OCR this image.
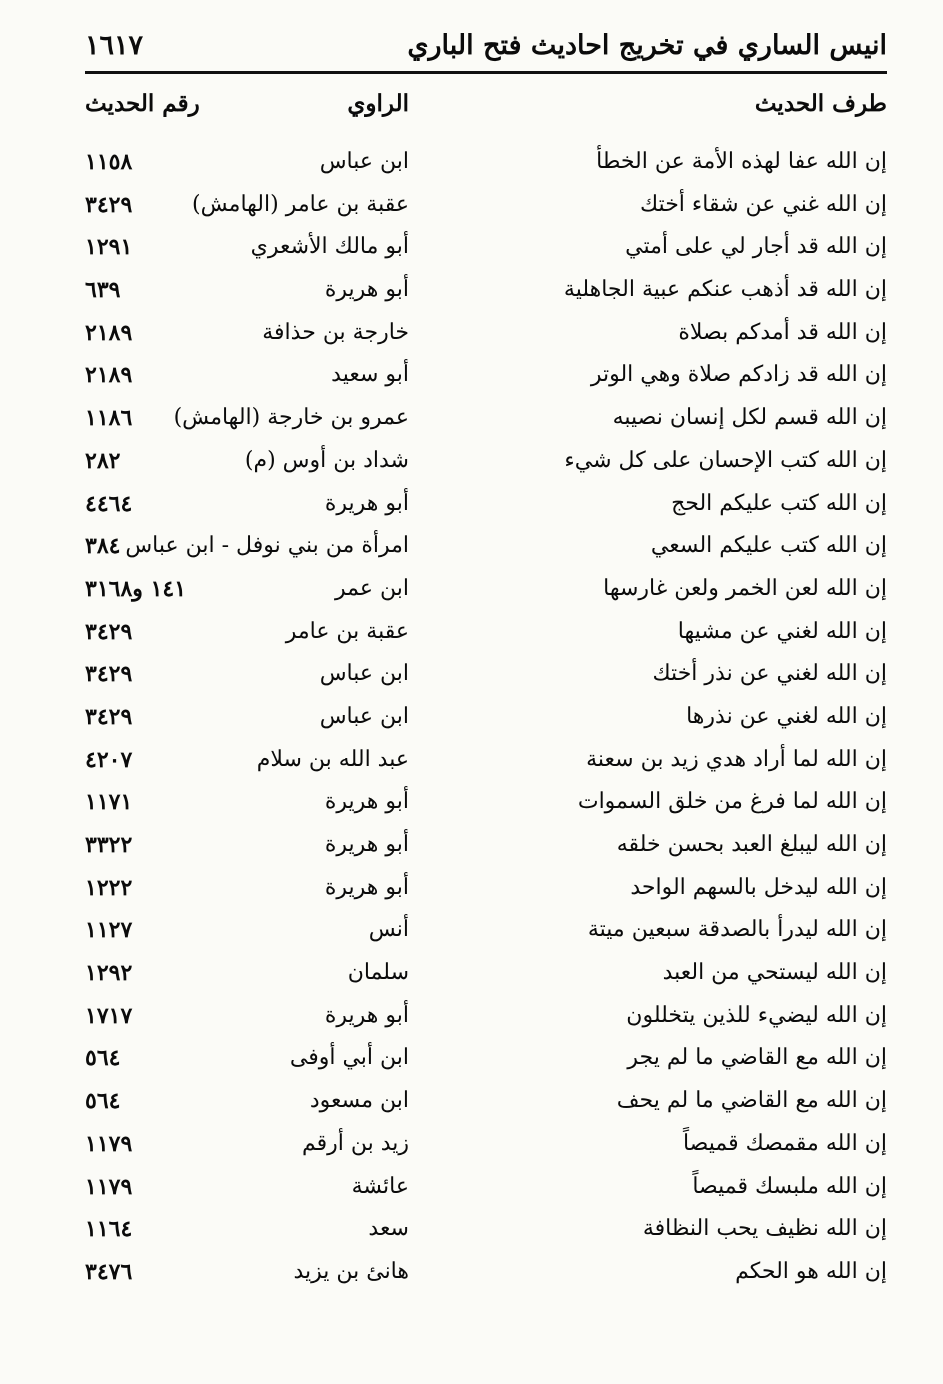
انيس الساري في تخريج احاديث فتح الباري
١٦١٧
طرف الحديث
الراوي
رقم الحديث
إن الله عفا لهذه الأمة عن الخطأ
ابن عباس
١١٥٨
إن الله غني عن شقاء أختك
عقبة بن عامر (الهامش)
٣٤٢٩
إن الله قد أجار لي على أمتي
أبو مالك الأشعري
١٢٩١
إن الله قد أذهب عنكم عبية الجاهلية
أبو هريرة
٦٣٩
إن الله قد أمدكم بصلاة
خارجة بن حذافة
٢١٨٩
إن الله قد زادكم صلاة وهي الوتر
أبو سعيد
٢١٨٩
إن الله قسم لكل إنسان نصيبه
عمرو بن خارجة (الهامش)
١١٨٦
إن الله كتب الإحسان على كل شيء
شداد بن أوس (م)
٢٨٢
إن الله كتب عليكم الحج
أبو هريرة
٤٤٦٤
إن الله كتب عليكم السعي
امرأة من بني نوفل - ابن عباس
٣٨٤
إن الله لعن الخمر ولعن غارسها
ابن عمر
١٤١ و٣١٦٨
إن الله لغني عن مشيها
عقبة بن عامر
٣٤٢٩
إن الله لغني عن نذر أختك
ابن عباس
٣٤٢٩
إن الله لغني عن نذرها
ابن عباس
٣٤٢٩
إن الله لما أراد هدي زيد بن سعنة
عبد الله بن سلام
٤٢٠٧
إن الله لما فرغ من خلق السموات
أبو هريرة
١١٧١
إن الله ليبلغ العبد بحسن خلقه
أبو هريرة
٣٣٢٢
إن الله ليدخل بالسهم الواحد
أبو هريرة
١٢٢٢
إن الله ليدرأ بالصدقة سبعين ميتة
أنس
١١٢٧
إن الله ليستحي من العبد
سلمان
١٢٩٢
إن الله ليضيء للذين يتخللون
أبو هريرة
١٧١٧
إن الله مع القاضي ما لم يجر
ابن أبي أوفى
٥٦٤
إن الله مع القاضي ما لم يحف
ابن مسعود
٥٦٤
إن الله مقمصك قميصاً
زيد بن أرقم
١١٧٩
إن الله ملبسك قميصاً
عائشة
١١٧٩
إن الله نظيف يحب النظافة
سعد
١١٦٤
إن الله هو الحكم
هانئ بن يزيد
٣٤٧٦
